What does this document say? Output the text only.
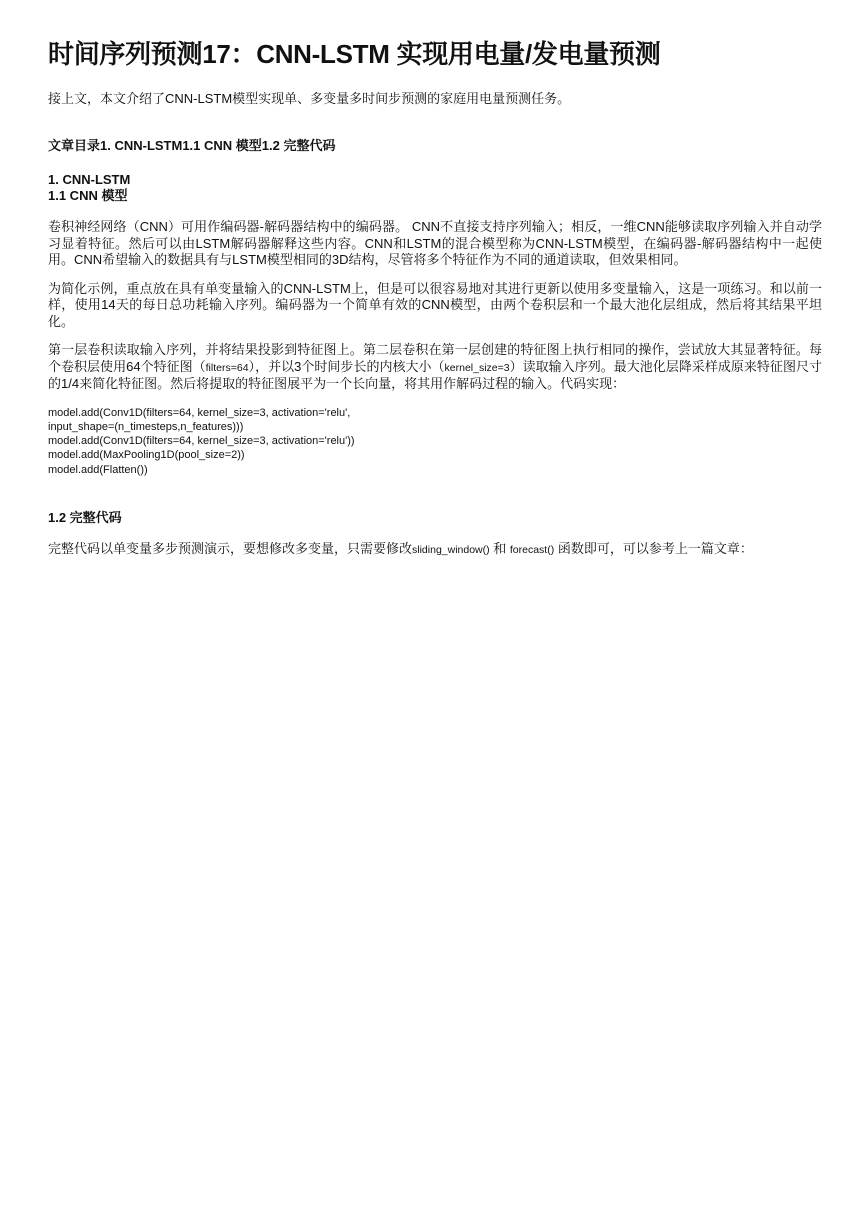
时间序列预测17：CNN-LSTM 实现用电量/发电量预测

接上文，本文介绍了CNN-LSTM模型实现单、多变量多时间步预测的家庭用电量预测任务。

文章目录1. CNN-LSTM1.1 CNN 模型1.2 完整代码

1. CNN-LSTM
1.1 CNN 模型

卷积神经网络（CNN）可用作编码器-解码器结构中的编码器。 CNN不直接支持序列输入；相反，一维CNN能够读取序列输入并自动学习显着特征。然后可以由LSTM解码器解释这些内容。CNN和LSTM的混合模型称为CNN-LSTM模型，在编码器-解码器结构中一起使用。CNN希望输入的数据具有与LSTM模型相同的3D结构，尽管将多个特征作为不同的通道读取，但效果相同。

为简化示例，重点放在具有单变量输入的CNN-LSTM上，但是可以很容易地对其进行更新以使用多变量输入，这是一项练习。和以前一样，使用14天的每日总功耗输入序列。编码器为一个简单有效的CNN模型，由两个卷积层和一个最大池化层组成，然后将其结果平坦化。

第一层卷积读取输入序列，并将结果投影到特征图上。第二层卷积在第一层创建的特征图上执行相同的操作，尝试放大其显著特征。每个卷积层使用64个特征图（filters=64），并以3个时间步长的内核大小（kernel_size=3）读取输入序列。最大池化层降采样成原来特征图尺寸的1/4来简化特征图。然后将提取的特征图展平为一个长向量，将其用作解码过程的输入。代码实现：

model.add(Conv1D(filters=64, kernel_size=3, activation='relu',
input_shape=(n_timesteps,n_features)))
model.add(Conv1D(filters=64, kernel_size=3, activation='relu'))
model.add(MaxPooling1D(pool_size=2))
model.add(Flatten())
1.2 完整代码

完整代码以单变量多步预测演示，要想修改多变量，只需要修改sliding_window() 和 forecast() 函数即可，可以参考上一篇文章：
